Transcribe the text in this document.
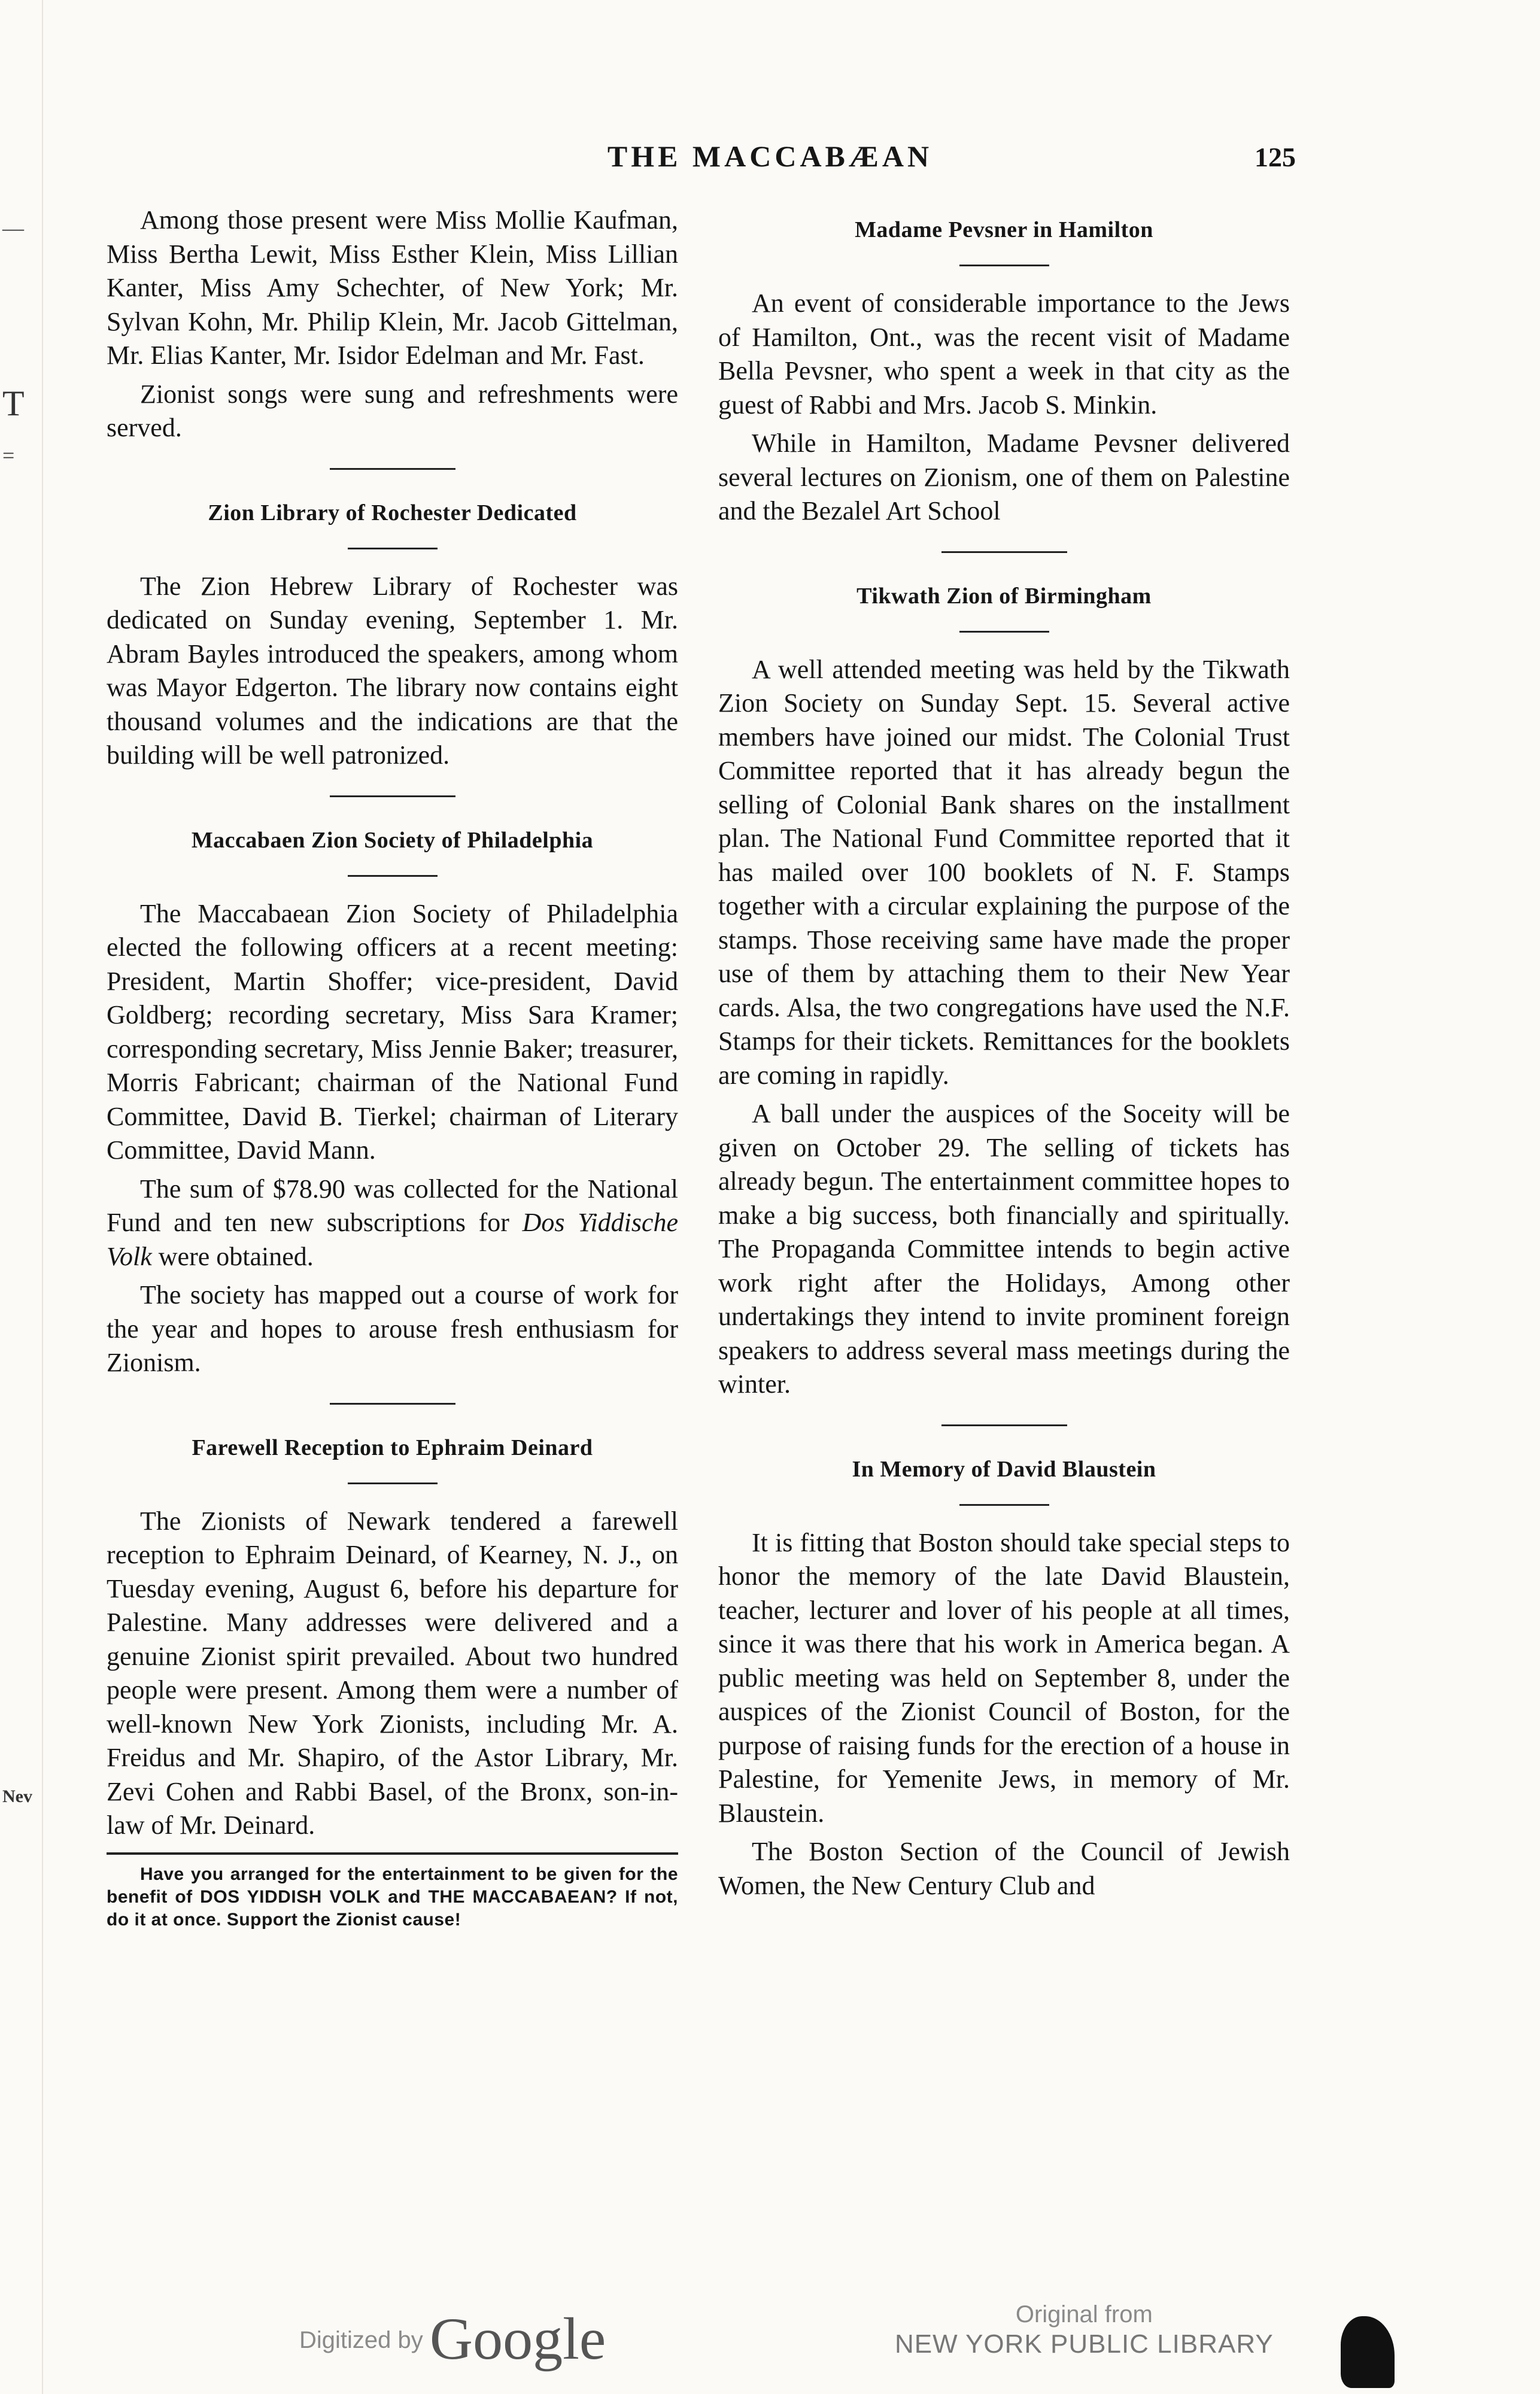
—
T
=
Nev
THE MACCABÆAN	125

Among those present were Miss Mollie Kaufman, Miss Bertha Lewit, Miss Esther Klein, Miss Lillian Kanter, Miss Amy Schechter, of New York; Mr. Sylvan Kohn, Mr. Philip Klein, Mr. Jacob Gittelman, Mr. Elias Kanter, Mr. Isidor Edelman and Mr. Fast.

Zionist songs were sung and refreshments were served.

Zion Library of Rochester Dedicated

The Zion Hebrew Library of Rochester was dedicated on Sunday evening, September 1. Mr. Abram Bayles introduced the speakers, among whom was Mayor Edgerton. The library now contains eight thousand volumes and the indications are that the building will be well patronized.

Maccabaen Zion Society of Philadelphia

The Maccabaean Zion Society of Philadelphia elected the following officers at a recent meeting: President, Martin Shoffer; vice-president, David Goldberg; recording secretary, Miss Sara Kramer; corresponding secretary, Miss Jennie Baker; treasurer, Morris Fabricant; chairman of the National Fund Committee, David B. Tierkel; chairman of Literary Committee, David Mann.

The sum of $78.90 was collected for the National Fund and ten new subscriptions for Dos Yiddische Volk were obtained.

The society has mapped out a course of work for the year and hopes to arouse fresh enthusiasm for Zionism.

Farewell Reception to Ephraim Deinard

The Zionists of Newark tendered a farewell reception to Ephraim Deinard, of Kearney, N. J., on Tuesday evening, August 6, before his departure for Palestine. Many addresses were delivered and a genuine Zionist spirit prevailed. About two hundred people were present. Among them were a number of well-known New York Zionists, including Mr. A. Freidus and Mr. Shapiro, of the Astor Library, Mr. Zevi Cohen and Rabbi Basel, of the Bronx, son-in-law of Mr. Deinard.

Have you arranged for the entertainment to be given for the benefit of DOS YIDDISH VOLK and THE MACCABAEAN? If not, do it at once. Support the Zionist cause!

Madame Pevsner in Hamilton

An event of considerable importance to the Jews of Hamilton, Ont., was the recent visit of Madame Bella Pevsner, who spent a week in that city as the guest of Rabbi and Mrs. Jacob S. Minkin.

While in Hamilton, Madame Pevsner delivered several lectures on Zionism, one of them on Palestine and the Bezalel Art School

Tikwath Zion of Birmingham

A well attended meeting was held by the Tikwath Zion Society on Sunday Sept. 15. Several active members have joined our midst. The Colonial Trust Committee reported that it has already begun the selling of Colonial Bank shares on the installment plan. The National Fund Committee reported that it has mailed over 100 booklets of N. F. Stamps together with a circular explaining the purpose of the stamps. Those receiving same have made the proper use of them by attaching them to their New Year cards. Alsa, the two congregations have used the N.F. Stamps for their tickets. Remittances for the booklets are coming in rapidly.

A ball under the auspices of the Soceity will be given on October 29. The selling of tickets has already begun. The entertainment committee hopes to make a big success, both financially and spiritually. The Propaganda Committee intends to begin active work right after the Holidays, Among other undertakings they intend to invite prominent foreign speakers to address several mass meetings during the winter.

In Memory of David Blaustein

It is fitting that Boston should take special steps to honor the memory of the late David Blaustein, teacher, lecturer and lover of his people at all times, since it was there that his work in America began. A public meeting was held on September 8, under the auspices of the Zionist Council of Boston, for the purpose of raising funds for the erection of a house in Palestine, for Yemenite Jews, in memory of Mr. Blaustein.

The Boston Section of the Council of Jewish Women, the New Century Club and

Digitized by Google	Original from
NEW YORK PUBLIC LIBRARY
